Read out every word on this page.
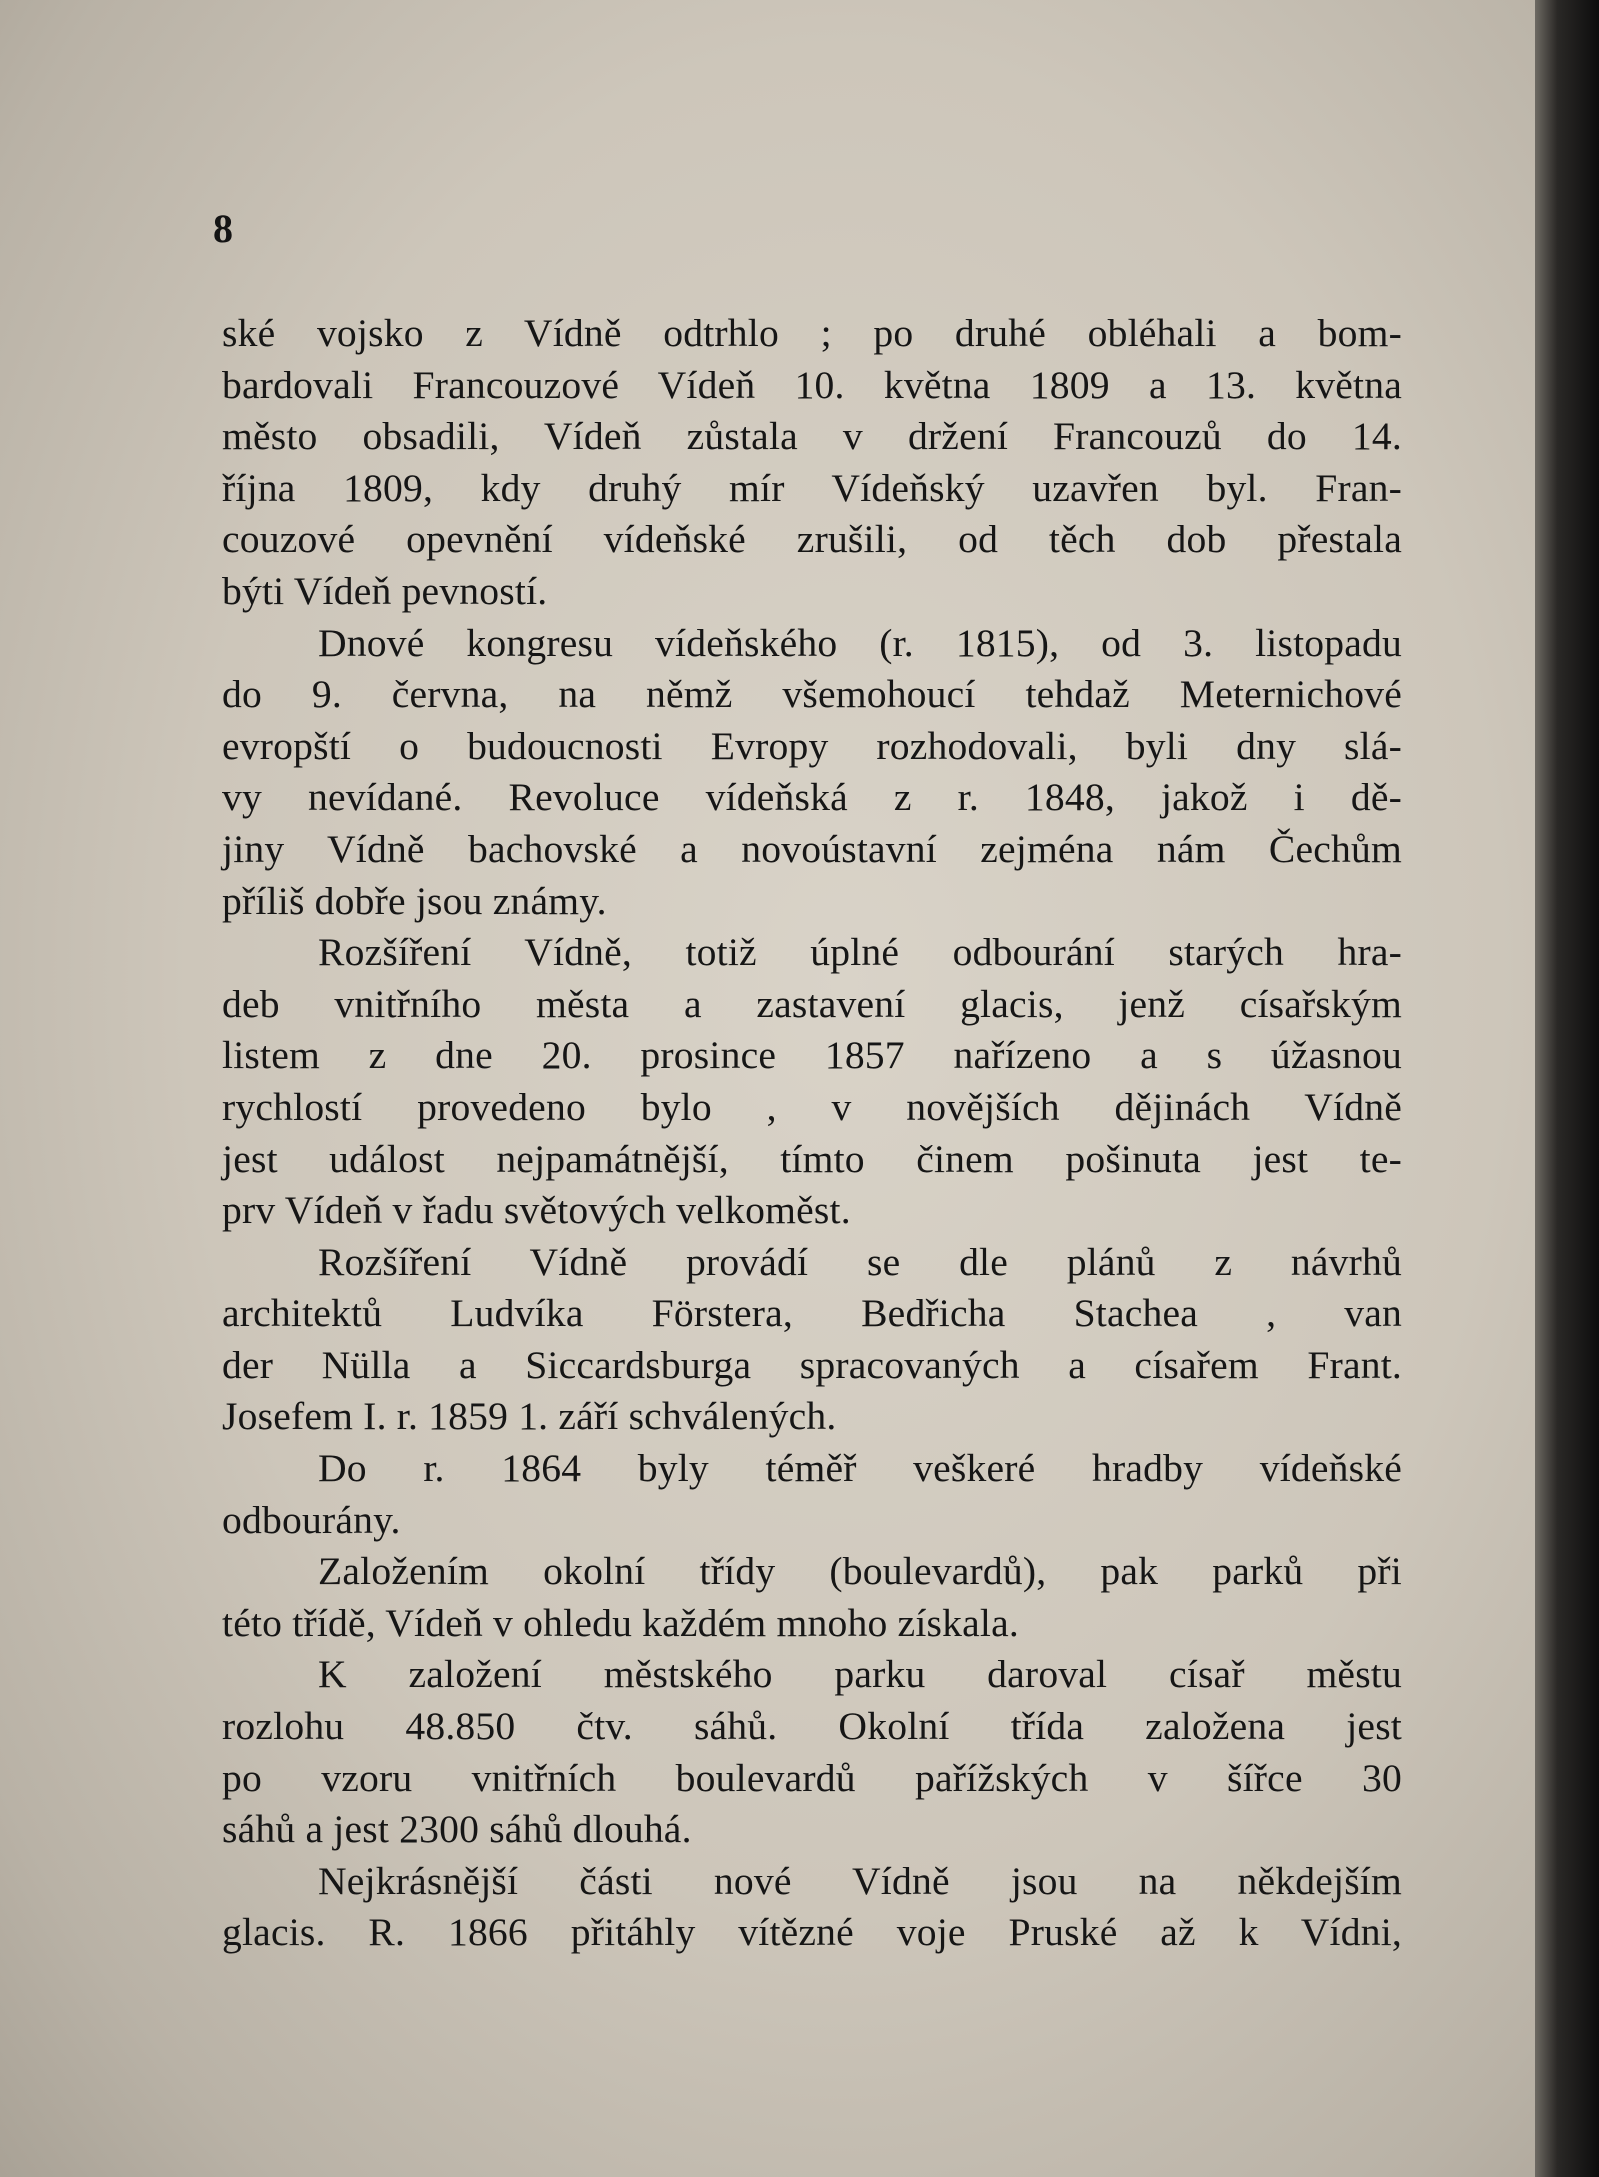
8
ské vojsko z Vídně odtrhlo ; po druhé obléhali a bom-
bardovali Francouzové Vídeň 10. května 1809 a 13. května
město obsadili, Vídeň zůstala v držení Francouzů do 14.
října 1809, kdy druhý mír Vídeňský uzavřen byl. Fran-
couzové opevnění vídeňské zrušili, od těch dob přestala
býti Vídeň pevností.
Dnové kongresu vídeňského (r. 1815), od 3. listopadu
do 9. června, na němž všemohoucí tehdaž Meternichové
evropští o budoucnosti Evropy rozhodovali, byli dny slá-
vy nevídané. Revoluce vídeňská z r. 1848, jakož i dě-
jiny Vídně bachovské a novoústavní zejména nám Čechům
příliš dobře jsou známy.
Rozšíření Vídně, totiž úplné odbourání starých hra-
deb vnitřního města a zastavení glacis, jenž císařským
listem z dne 20. prosince 1857 nařízeno a s úžasnou
rychlostí provedeno bylo , v novějších dějinách Vídně
jest událost nejpamátnější, tímto činem pošinuta jest te-
prv Vídeň v řadu světových velkoměst.
Rozšíření Vídně provádí se dle plánů z návrhů
architektů Ludvíka Förstera, Bedřicha Stachea , van
der Nülla a Siccardsburga spracovaných a císařem Frant.
Josefem I. r. 1859 1. září schválených.
Do r. 1864 byly téměř veškeré hradby vídeňské
odbourány.
Založením okolní třídy (boulevardů), pak parků při
této třídě, Vídeň v ohledu každém mnoho získala.
K založení městského parku daroval císař městu
rozlohu 48.850 čtv. sáhů. Okolní třída založena jest
po vzoru vnitřních boulevardů pařížských v šířce 30
sáhů a jest 2300 sáhů dlouhá.
Nejkrásnější části nové Vídně jsou na někdejším
glacis. R. 1866 přitáhly vítězné voje Pruské až k Vídni,
